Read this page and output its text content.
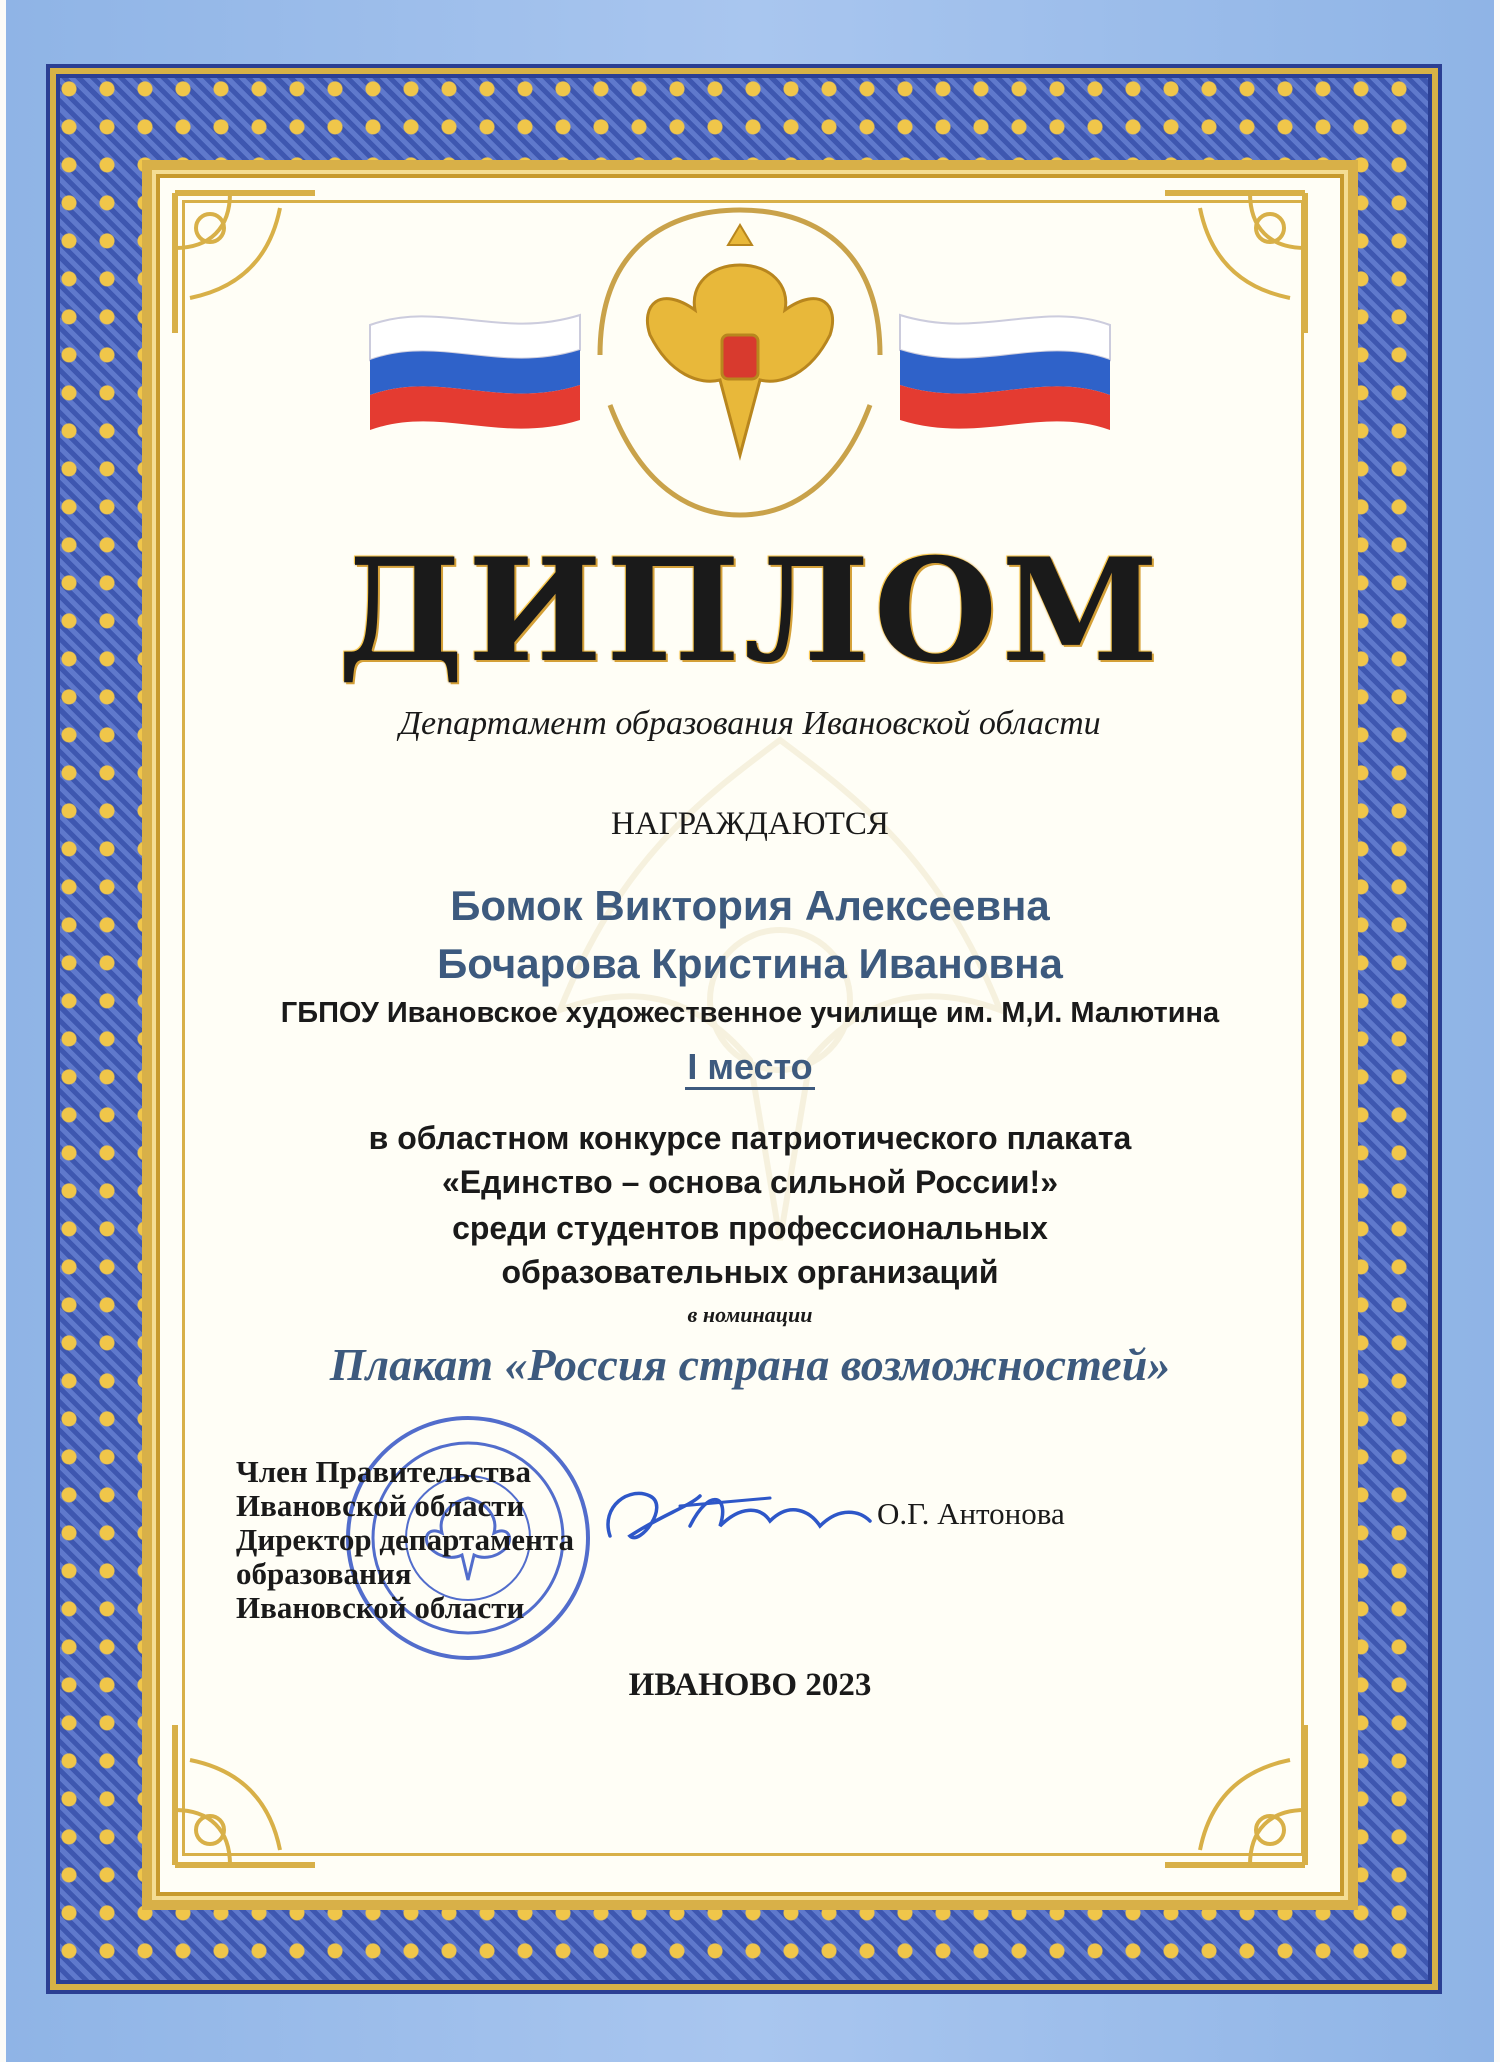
ДИПЛОМ
Департамент образования Ивановской области
НАГРАЖДАЮТСЯ
Бомок Виктория Алексеевна
Бочарова Кристина Ивановна
ГБПОУ Ивановское художественное училище им. М,И. Малютина
I место
в областном конкурсе патриотического плаката
«Единство – основа сильной России!»
среди студентов профессиональных
образовательных организаций
в номинации
Плакат «Россия страна возможностей»
Член Правительства
Ивановской области
Директор департамента
образования
Ивановской области
О.Г. Антонова
ИВАНОВО 2023
